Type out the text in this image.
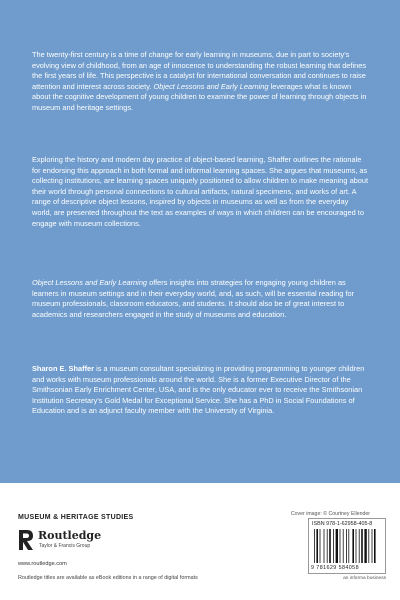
The twenty-first century is a time of change for early learning in museums, due in part to society's evolving view of childhood, from an age of innocence to understanding the robust learning that defines the first years of life. This perspective is a catalyst for international conversation and continues to raise attention and interest across society. Object Lessons and Early Learning leverages what is known about the cognitive development of young children to examine the power of learning through objects in museum and heritage settings.

Exploring the history and modern day practice of object-based learning, Shaffer outlines the rationale for endorsing this approach in both formal and informal learning spaces. She argues that museums, as collecting institutions, are learning spaces uniquely positioned to allow children to make meaning about their world through personal connections to cultural artifacts, natural specimens, and works of art. A range of descriptive object lessons, inspired by objects in museums as well as from the everyday world, are presented throughout the text as examples of ways in which children can be encouraged to engage with museum collections.

Object Lessons and Early Learning offers insights into strategies for engaging young children as learners in museum settings and in their everyday world, and, as such, will be essential reading for museum professionals, classroom educators, and students. It should also be of great interest to academics and researchers engaged in the study of museums and education.

Sharon E. Shaffer is a museum consultant specializing in providing programming to younger children and works with museum professionals around the world. She is a former Executive Director of the Smithsonian Early Enrichment Center, USA, and is the only educator ever to receive the Smithsonian Institution Secretary's Gold Medal for Exceptional Service. She has a PhD in Social Foundations of Education and is an adjunct faculty member with the University of Virginia.

MUSEUM & HERITAGE STUDIES	Cover image: © Courtney Ellender
Routledge
Taylor & Francis Group
www.routledge.com
Routledge titles are available as eBook editions in a range of digital formats
ISBN 978-1-62958-405-8
9 781629 584058
an informa business
